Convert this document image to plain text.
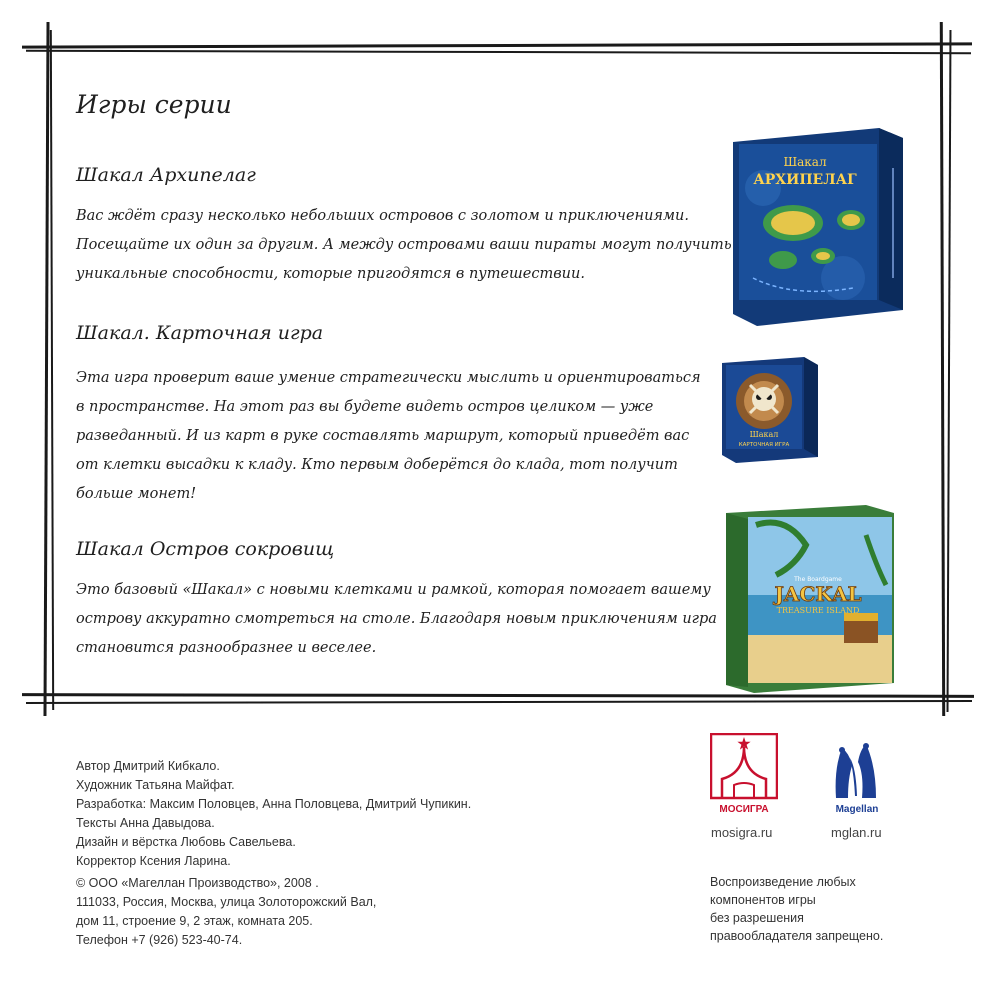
Игры серии
Шакал Архипелаг
Вас ждёт сразу несколько небольших островов с золотом и приключениями.
Посещайте их один за другим. А между островами ваши пираты могут получить
уникальные способности, которые пригодятся в путешествии.
Шакал. Карточная игра
Эта игра проверит ваше умение стратегически мыслить и ориентироваться
в пространстве. На этот раз вы будете видеть остров целиком — уже
разведанный. И из карт в руке составлять маршрут, который приведёт вас
от клетки высадки к кладу. Кто первым доберётся до клада, тот получит
больше монет!
Шакал Остров сокровищ
Это базовый «Шакал» с новыми клетками и рамкой, которая помогает вашему
острову аккуратно смотреться на столе. Благодаря новым приключениям игра
становится разнообразнее и веселее.
Шакал
АРХИПЕЛАГ
Шакал
КАРТОЧНАЯ ИГРА
The Boardgame
JACKAL
TREASURE ISLAND
Автор Дмитрий Кибкало.
Художник Татьяна Майфат.
Разработка: Максим Половцев, Анна Половцева, Дмитрий Чупикин.
Тексты Анна Давыдова.
Дизайн и вёрстка Любовь Савельева.
Корректор Ксения Ларина.
© ООО «Магеллан Производство», 2008 .
111033, Россия, Москва, улица Золоторожский Вал,
дом 11, строение 9, 2 этаж, комната 205.
Телефон +7 (926) 523-40-74.
МОСИГРА
mosigra.ru
Magellan
mglan.ru
Воспроизведение любых
компонентов игры
без разрешения
правообладателя запрещено.
